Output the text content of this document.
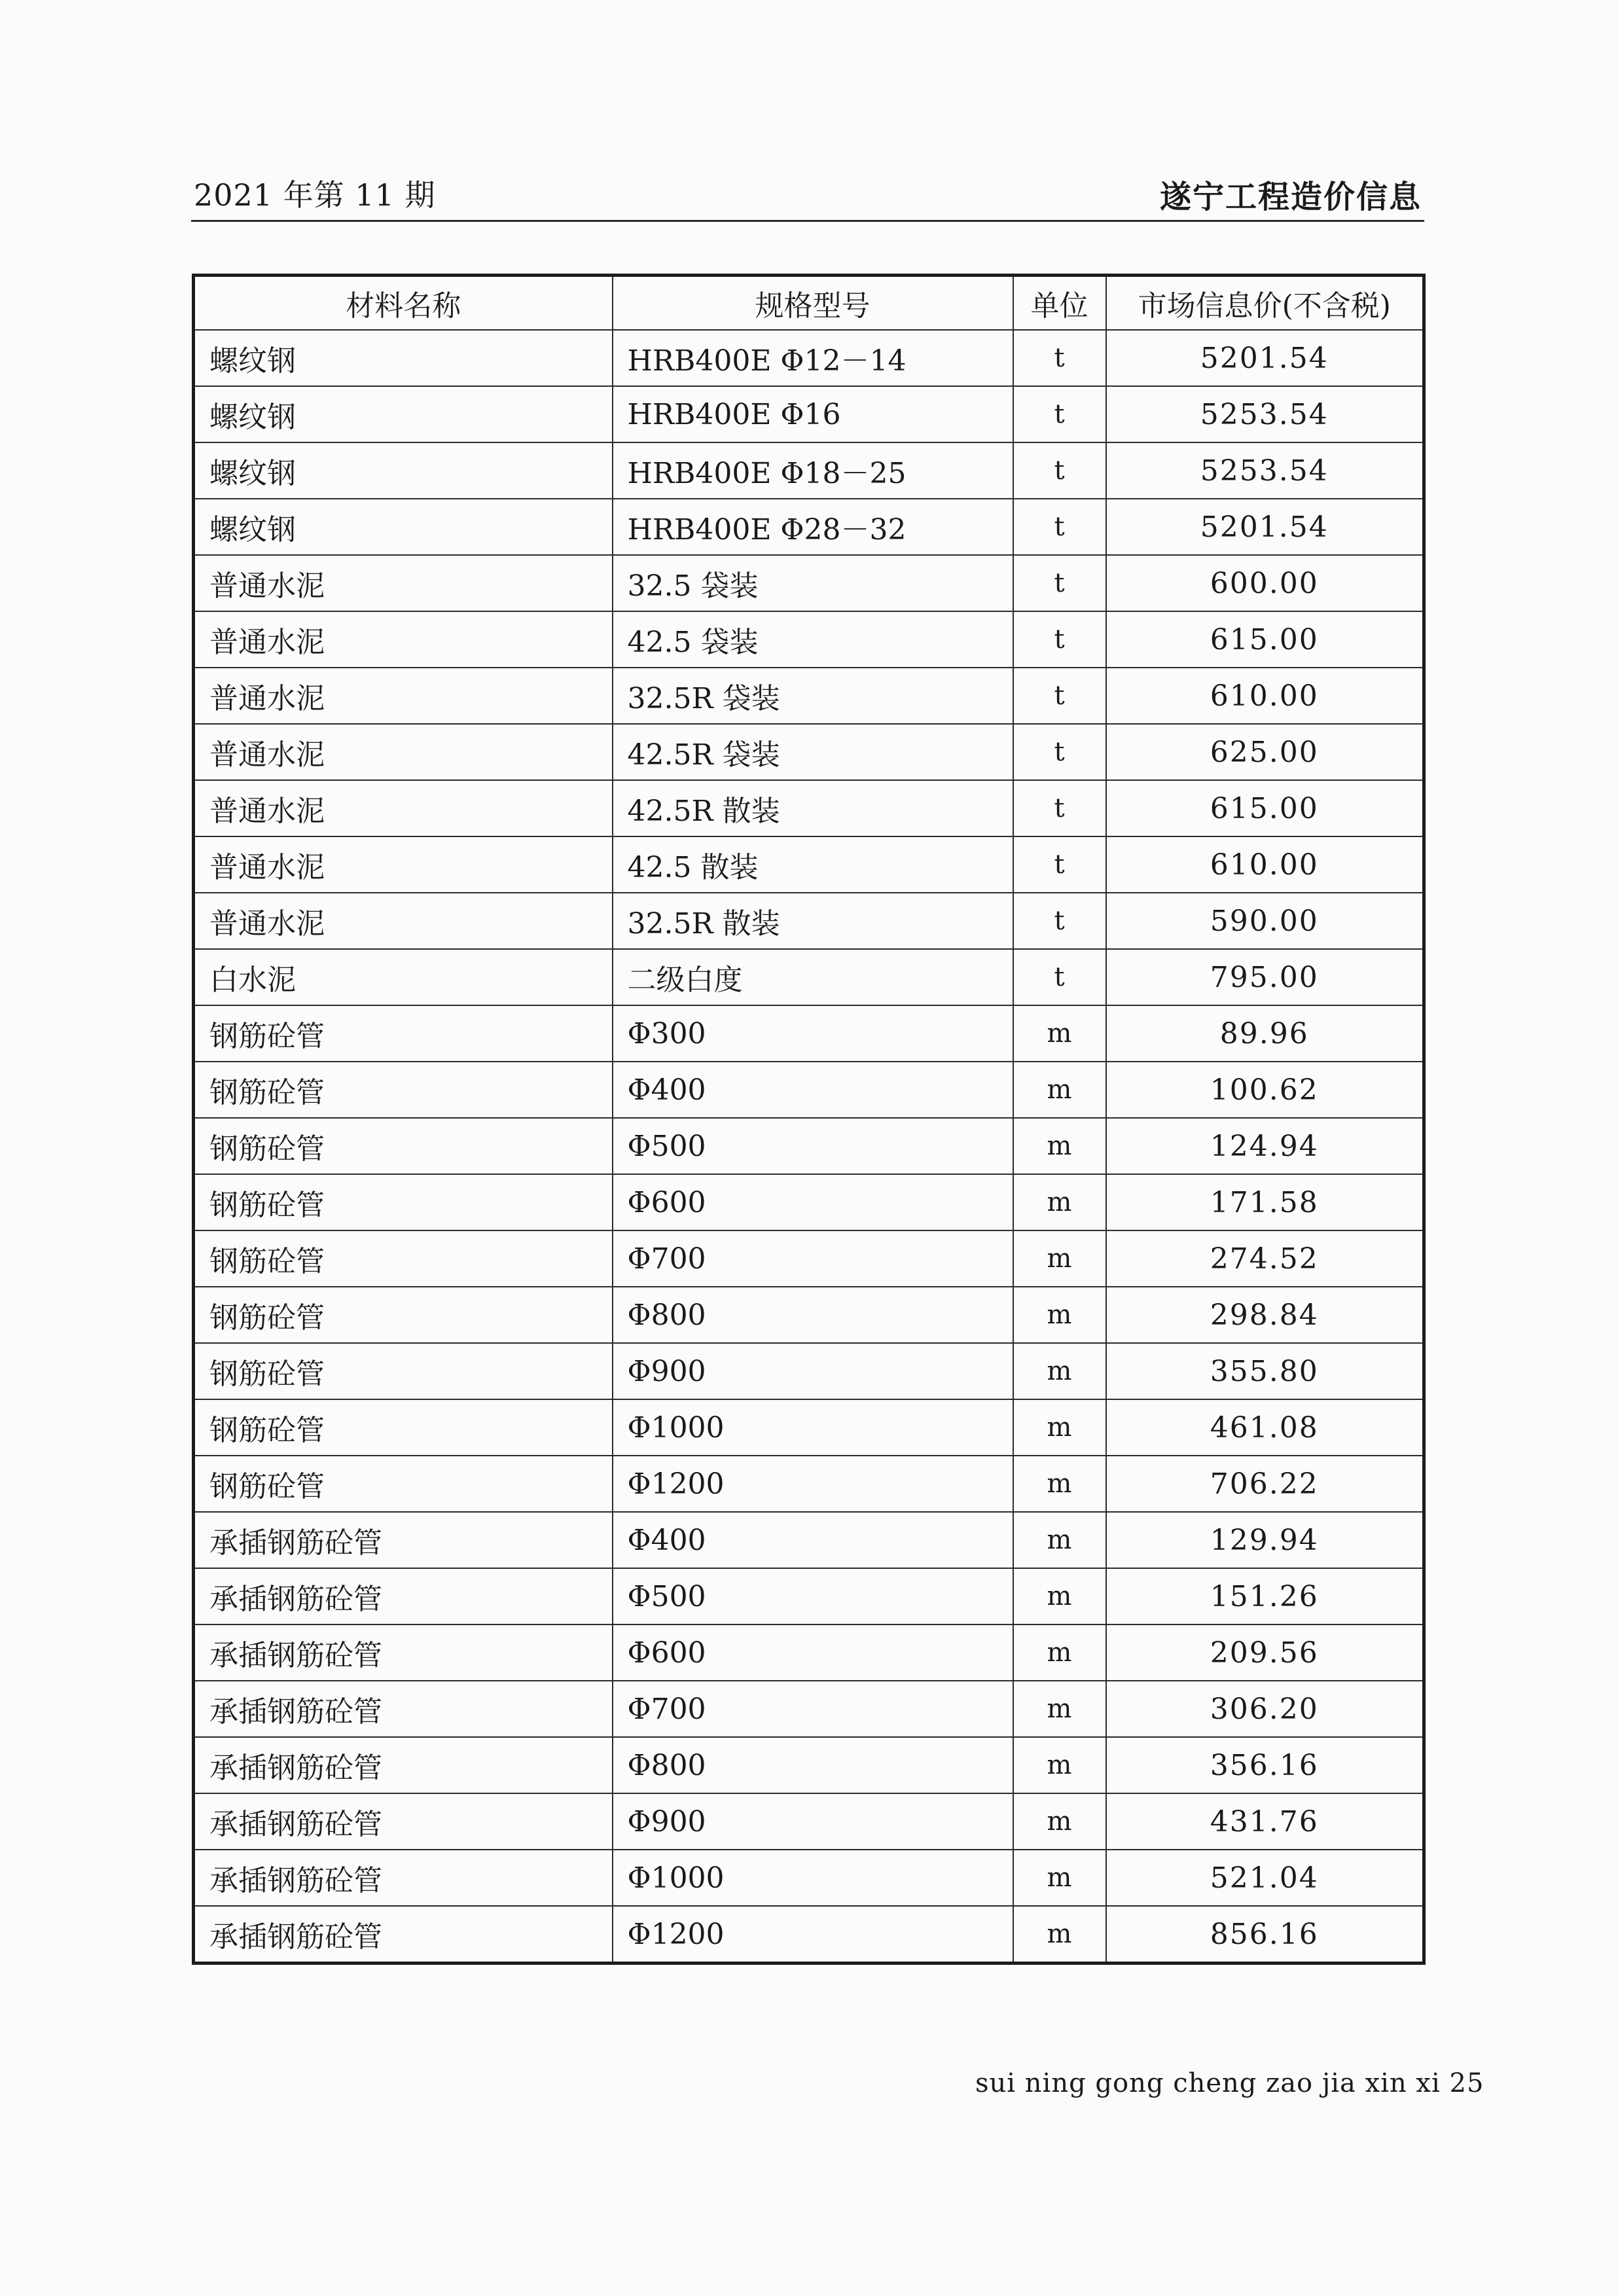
2021 年第 11 期	遂宁工程造价信息
材料名称	规格型号	单位	市场信息价(不含税)
螺纹钢	HRB400E Φ12－14	t	5201.54
螺纹钢	HRB400E Φ16	t	5253.54
螺纹钢	HRB400E Φ18－25	t	5253.54
螺纹钢	HRB400E Φ28－32	t	5201.54
普通水泥	32.5 袋装	t	600.00
普通水泥	42.5 袋装	t	615.00
普通水泥	32.5R 袋装	t	610.00
普通水泥	42.5R 袋装	t	625.00
普通水泥	42.5R 散装	t	615.00
普通水泥	42.5 散装	t	610.00
普通水泥	32.5R 散装	t	590.00
白水泥	二级白度	t	795.00
钢筋砼管	Φ300	m	89.96
钢筋砼管	Φ400	m	100.62
钢筋砼管	Φ500	m	124.94
钢筋砼管	Φ600	m	171.58
钢筋砼管	Φ700	m	274.52
钢筋砼管	Φ800	m	298.84
钢筋砼管	Φ900	m	355.80
钢筋砼管	Φ1000	m	461.08
钢筋砼管	Φ1200	m	706.22
承插钢筋砼管	Φ400	m	129.94
承插钢筋砼管	Φ500	m	151.26
承插钢筋砼管	Φ600	m	209.56
承插钢筋砼管	Φ700	m	306.20
承插钢筋砼管	Φ800	m	356.16
承插钢筋砼管	Φ900	m	431.76
承插钢筋砼管	Φ1000	m	521.04
承插钢筋砼管	Φ1200	m	856.16
sui ning gong cheng zao jia xin xi 25
